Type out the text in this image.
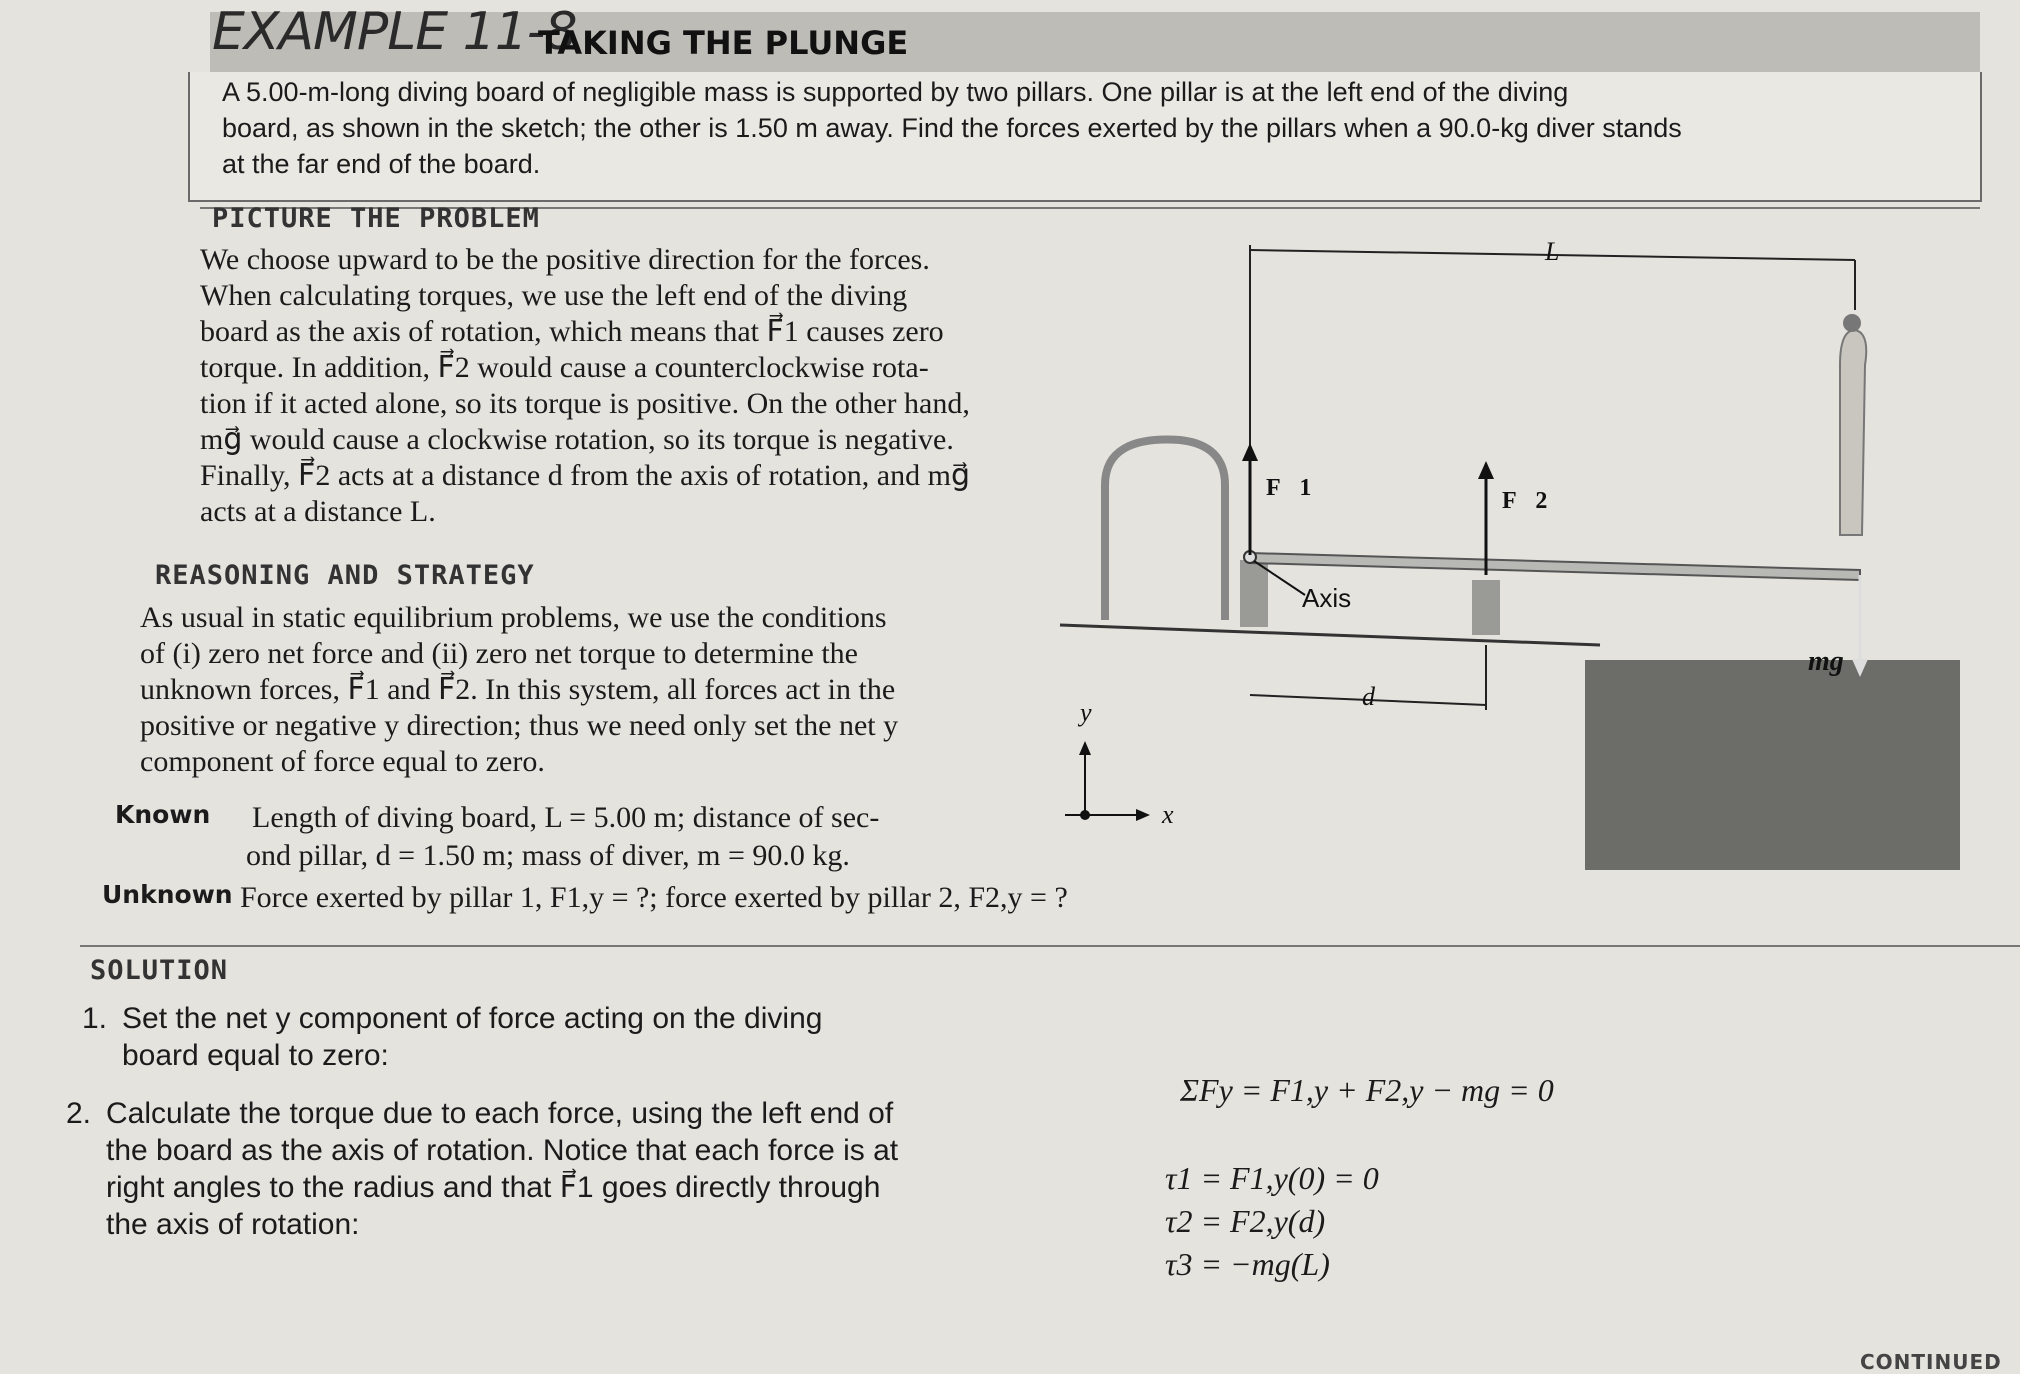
EXAMPLE 11-8
TAKING THE PLUNGE
A 5.00-m-long diving board of negligible mass is supported by two pillars. One pillar is at the left end of the diving
board, as shown in the sketch; the other is 1.50 m away. Find the forces exerted by the pillars when a 90.0-kg diver stands
at the far end of the board.
PICTURE THE PROBLEM
We choose upward to be the positive direction for the forces.
When calculating torques, we use the left end of the diving
board as the axis of rotation, which means that F⃗1 causes zero
torque. In addition, F⃗2 would cause a counterclockwise rota-
tion if it acted alone, so its torque is positive. On the other hand,
mg⃗ would cause a clockwise rotation, so its torque is negative.
Finally, F⃗2 acts at a distance d from the axis of rotation, and mg⃗
acts at a distance L.
REASONING AND STRATEGY
As usual in static equilibrium problems, we use the conditions
of (i) zero net force and (ii) zero net torque to determine the
unknown forces, F⃗1 and F⃗2. In this system, all forces act in the
positive or negative y direction; thus we need only set the net y
component of force equal to zero.
Known Length of diving board, L = 5.00 m; distance of sec-
ond pillar, d = 1.50 m; mass of diver, m = 90.0 kg.
Unknown Force exerted by pillar 1, F1,y = ?; force exerted by pillar 2, F2,y = ?
SOLUTION
1. Set the net y component of force acting on the diving
board equal to zero:
ΣFy = F1,y + F2,y − mg = 0
2. Calculate the torque due to each force, using the left end of
the board as the axis of rotation. Notice that each force is at
right angles to the radius and that F⃗1 goes directly through
the axis of rotation:
τ1 = F1,y(0) = 0
τ2 = F2,y(d)
τ3 = −mg(L)
L
F⃗1	F⃗2
Axis
d
mg⃗
y
x
CONTINUED
